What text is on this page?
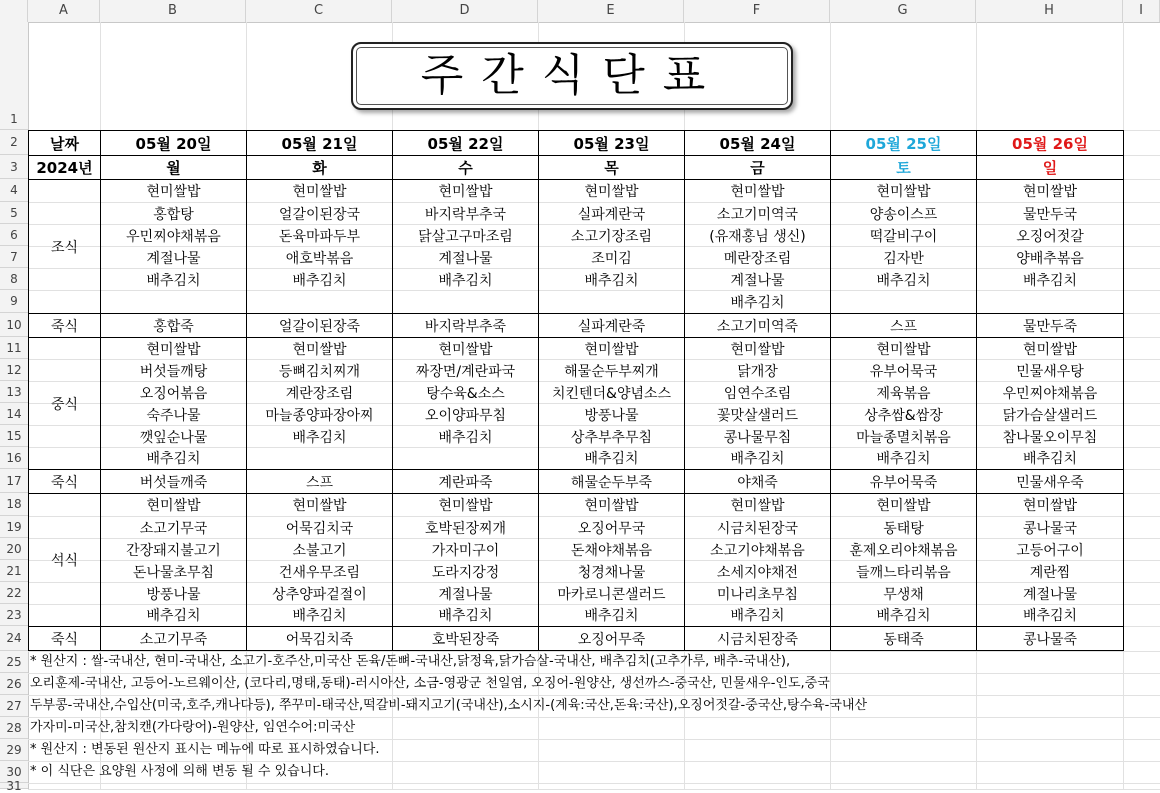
A	B	C	D	E	F	G	H	I
1
2
3
4
5
6
7
8
9
10
11
12
13
14
15
16
17
18
19
20
21
22
23
24
25
26
27
28
29
30
31
주간식단표
날짜	05월 20일	05월 21일	05월 22일	05월 23일	05월 24일	05월 25일	05월 26일
2024년	월	화	수	목	금	토	일
조식	현미쌀밥	현미쌀밥	현미쌀밥	현미쌀밥	현미쌀밥	현미쌀밥	현미쌀밥
	홍합탕	얼갈이된장국	바지락부추국	실파계란국	소고기미역국	양송이스프	물만두국
	우민찌야채볶음	돈육마파두부	닭살고구마조림	소고기장조림	(유재홍님 생신)	떡갈비구이	오징어젓갈
	계절나물	애호박볶음	계절나물	조미김	메란장조림	김자반	양배추볶음
	배추김치	배추김치	배추김치	배추김치	계절나물	배추김치	배추김치
					배추김치		
죽식	홍합죽	얼갈이된장죽	바지락부추죽	실파계란죽	소고기미역죽	스프	물만두죽
중식	현미쌀밥	현미쌀밥	현미쌀밥	현미쌀밥	현미쌀밥	현미쌀밥	현미쌀밥
	버섯들깨탕	등뼈김치찌개	짜장면/계란파국	해물순두부찌개	닭개장	유부어묵국	민물새우탕
	오징어볶음	계란장조림	탕수육&소스	치킨텐더&양념소스	임연수조림	제육볶음	우민찌야채볶음
	숙주나물	마늘종양파장아찌	오이양파무침	방풍나물	꽃맛살샐러드	상추쌈&쌈장	닭가슴살샐러드
	깻잎순나물	배추김치	배추김치	상추부추무침	콩나물무침	마늘종멸치볶음	참나물오이무침
	배추김치			배추김치	배추김치	배추김치	배추김치
죽식	버섯들깨죽	스프	계란파죽	해물순두부죽	야채죽	유부어묵죽	민물새우죽
석식	현미쌀밥	현미쌀밥	현미쌀밥	현미쌀밥	현미쌀밥	현미쌀밥	현미쌀밥
	소고기무국	어묵김치국	호박된장찌개	오징어무국	시금치된장국	동태탕	콩나물국
	간장돼지불고기	소불고기	가자미구이	돈채야채볶음	소고기야채볶음	훈제오리야채볶음	고등어구이
	돈나물초무침	건새우무조림	도라지강정	청경채나물	소세지야채전	들깨느타리볶음	계란찜
	방풍나물	상추양파겉절이	계절나물	마카로니콘샐러드	미나리초무침	무생채	계절나물
	배추김치	배추김치	배추김치	배추김치	배추김치	배추김치	배추김치
죽식	소고기무죽	어묵김치죽	호박된장죽	오징어무죽	시금치된장죽	동태죽	콩나물죽
* 원산지 : 쌀-국내산, 현미-국내산, 소고기-호주산,미국산 돈육/돈뼈-국내산,닭정육,닭가슴살-국내산, 배추김치(고추가루, 배추-국내산),
오리훈제-국내산, 고등어-노르웨이산, (코다리,명태,동태)-러시아산, 소금-영광군 천일염, 오징어-원양산, 생선까스-중국산, 민물새우-인도,중국
두부콩-국내산,수입산(미국,호주,캐나다등), 쭈꾸미-태국산,떡갈비-돼지고기(국내산),소시지-(계육:국산,돈육:국산),오징어젓갈-중국산,탕수육-국내산
가자미-미국산,참치캔(가다랑어)-원양산, 임연수어:미국산
* 원산지 : 변동된 원산지 표시는 메뉴에 따로 표시하였습니다.
* 이 식단은 요양원 사정에 의해 변동 될 수 있습니다.
